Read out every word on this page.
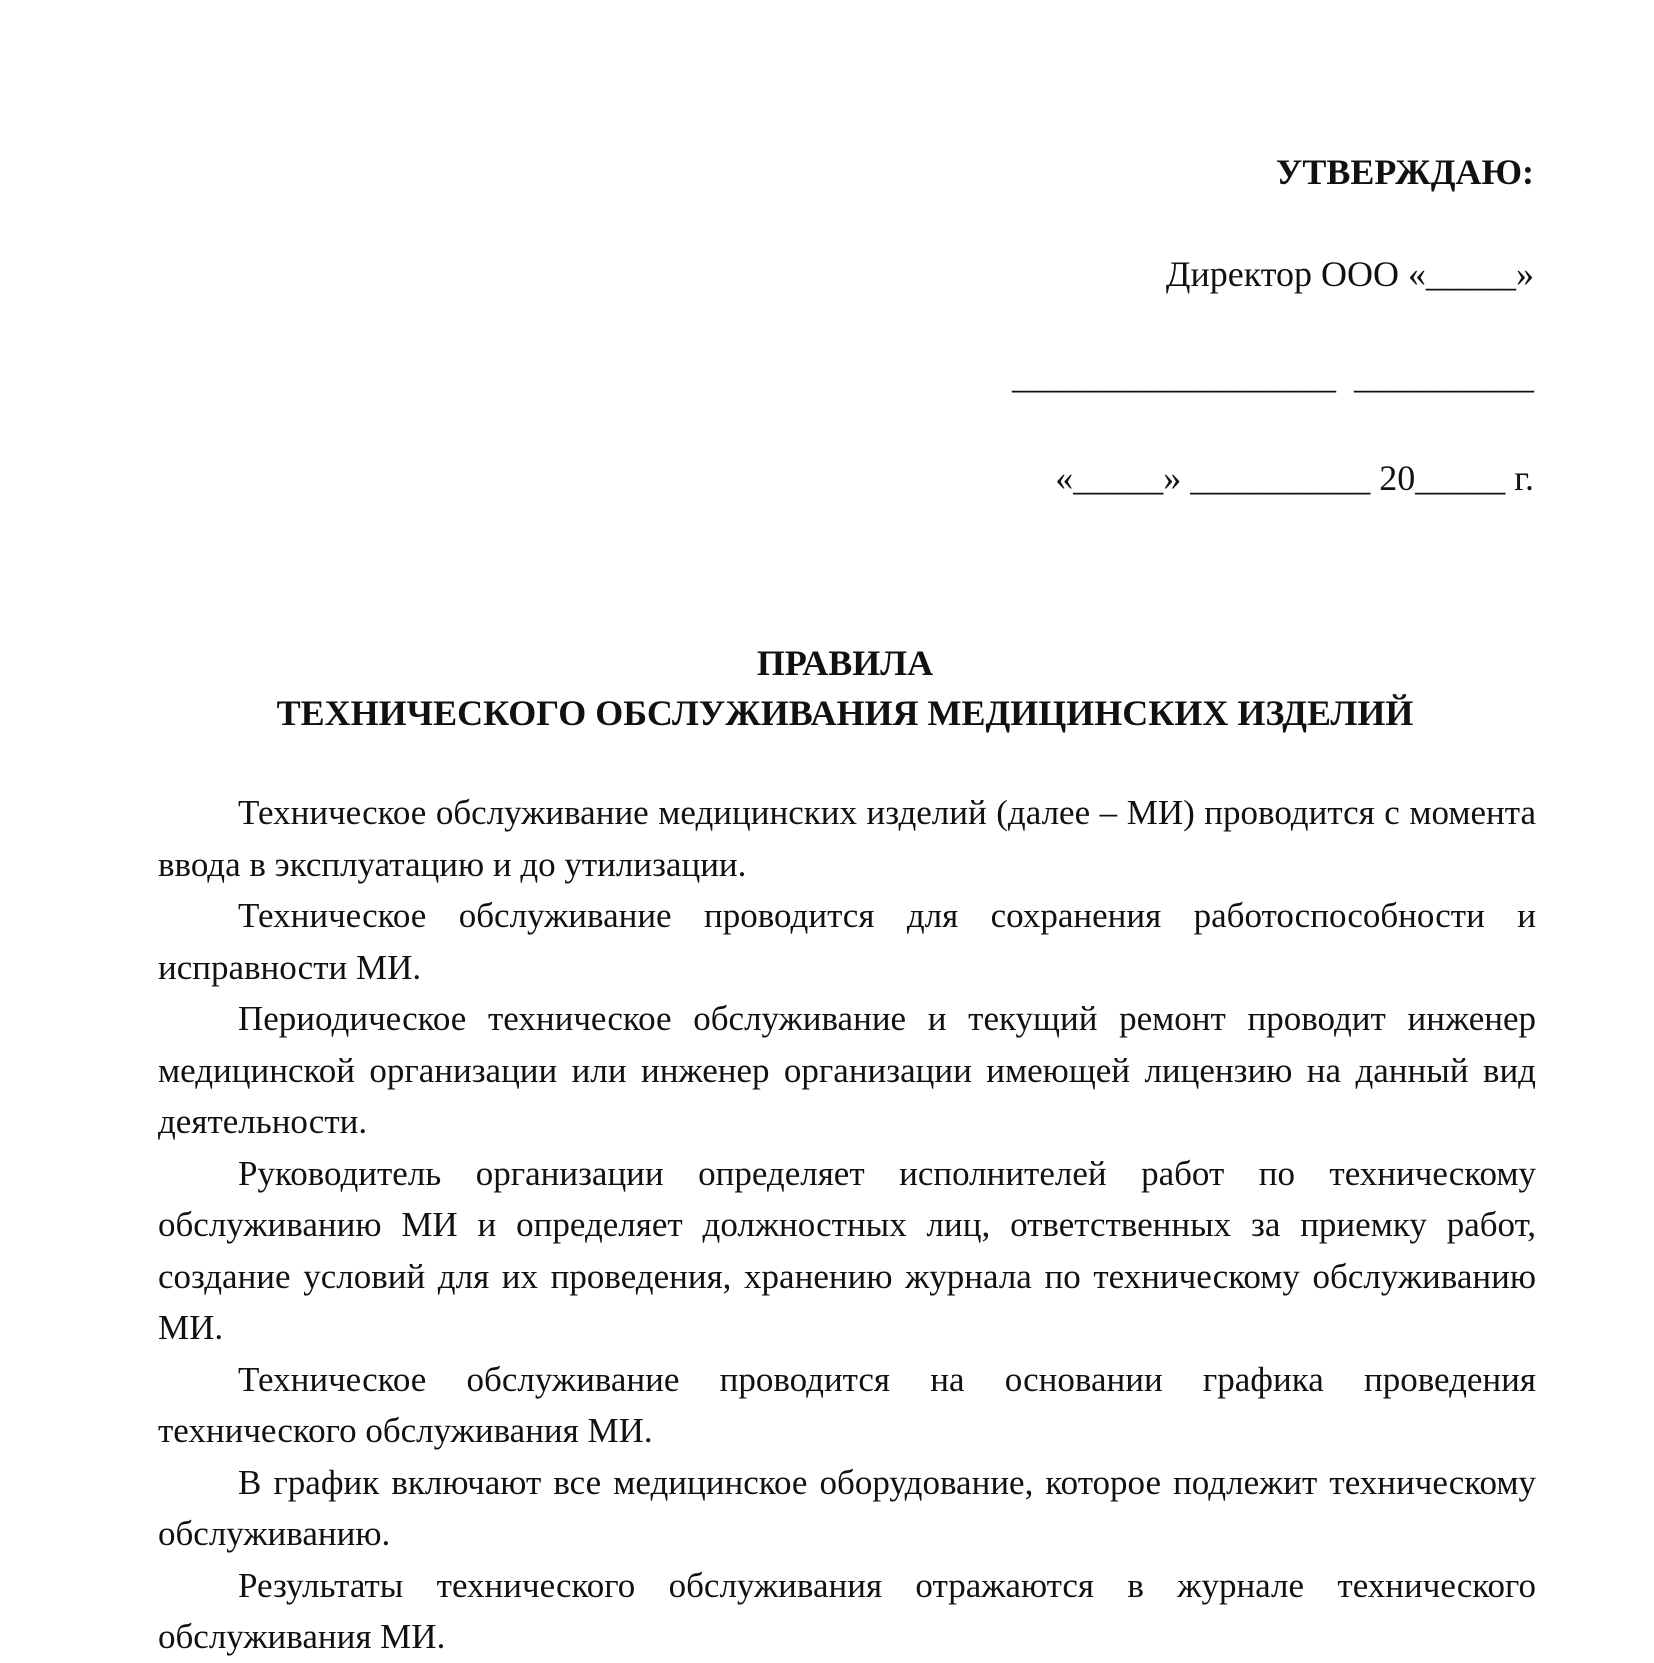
УТВЕРЖДАЮ:

Директор ООО «_____»

__________________  __________

«_____» __________ 20_____ г.

ПРАВИЛА
ТЕХНИЧЕСКОГО ОБСЛУЖИВАНИЯ МЕДИЦИНСКИХ ИЗДЕЛИЙ

Техническое обслуживание медицинских изделий (далее – МИ) проводится с момента ввода в эксплуатацию и до утилизации.

Техническое обслуживание проводится для сохранения работоспособности и исправности МИ.

Периодическое техническое обслуживание и текущий ремонт проводит инженер медицинской организации или инженер организации имеющей лицензию на данный вид деятельности.

Руководитель организации определяет исполнителей работ по техническому обслуживанию МИ и определяет должностных лиц, ответственных за приемку работ, создание условий для их проведения, хранению журнала по техническому обслуживанию МИ.

Техническое обслуживание проводится на основании графика проведения технического обслуживания МИ.

В график включают все медицинское оборудование, которое подлежит техническому обслуживанию.

Результаты технического обслуживания отражаются в журнале технического обслуживания МИ.
